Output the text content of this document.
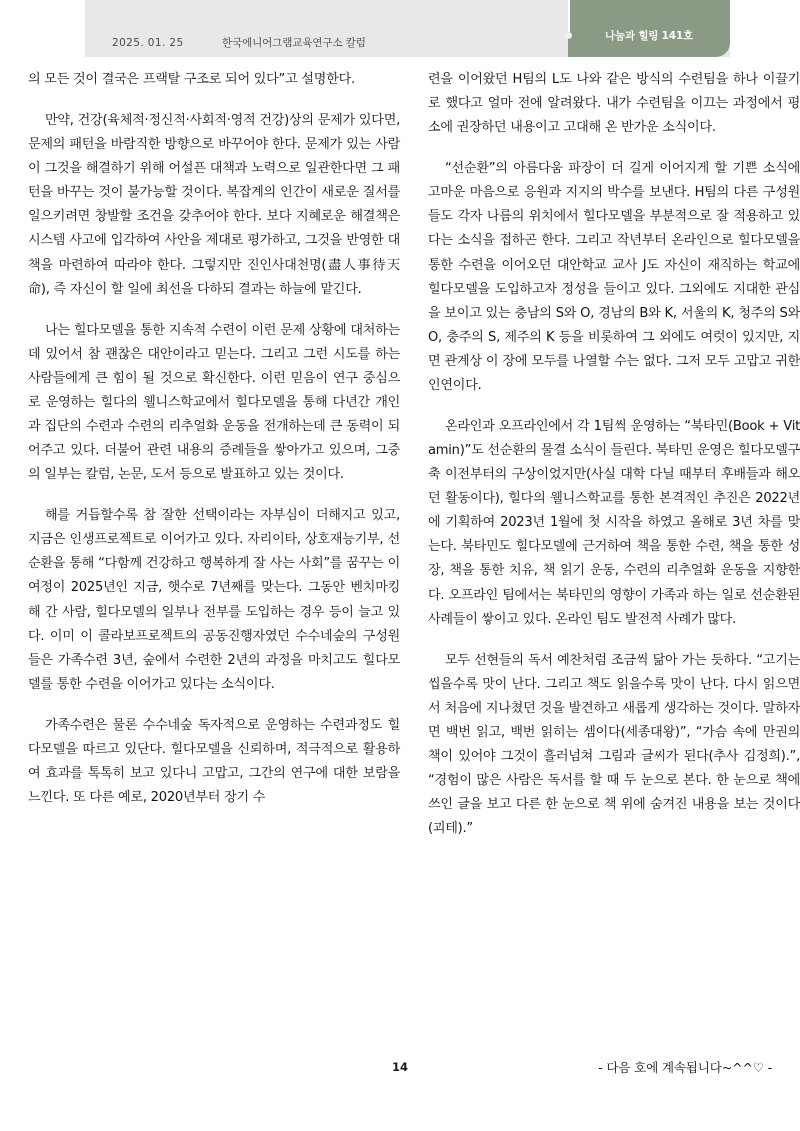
2025. 01. 25	한국에니어그램교육연구소 칼럼
나눔과 힐링 141호

의 모든 것이 결국은 프랙탈 구조로 되어 있다”고 설명한다.

만약, 건강(육체적·정신적·사회적·영적 건강)상의 문제가 있다면, 문제의 패턴을 바람직한 방향으로 바꾸어야 한다. 문제가 있는 사람이 그것을 해결하기 위해 어설픈 대책과 노력으로 일관한다면 그 패턴을 바꾸는 것이 불가능할 것이다. 복잡계의 인간이 새로운 질서를 일으키려면 창발할 조건을 갖추어야 한다. 보다 지혜로운 해결책은 시스템 사고에 입각하여 사안을 제대로 평가하고, 그것을 반영한 대책을 마련하여 따라야 한다. 그렇지만 진인사대천명(盡人事待天命), 즉 자신이 할 일에 최선을 다하되 결과는 하늘에 맡긴다.

나는 힐다모델을 통한 지속적 수련이 이런 문제 상황에 대처하는 데 있어서 참 괜찮은 대안이라고 믿는다. 그리고 그런 시도를 하는 사람들에게 큰 힘이 될 것으로 확신한다. 이런 믿음이 연구 중심으로 운영하는 힐다의 웰니스학교에서 힐다모델을 통해 다년간 개인과 집단의 수련과 수련의 리추얼화 운동을 전개하는데 큰 동력이 되어주고 있다. 더불어 관련 내용의 증례들을 쌓아가고 있으며, 그중의 일부는 칼럼, 논문, 도서 등으로 발표하고 있는 것이다.

해를 거듭할수록 참 잘한 선택이라는 자부심이 더해지고 있고, 지금은 인생프로젝트로 이어가고 있다. 자리이타, 상호재능기부, 선순환을 통해 “다함께 건강하고 행복하게 잘 사는 사회”를 꿈꾸는 이 여정이 2025년인 지금, 햇수로 7년째를 맞는다. 그동안 벤치마킹해 간 사람, 힐다모델의 일부나 전부를 도입하는 경우 등이 늘고 있다. 이미 이 콜라보프로젝트의 공동진행자였던 수수네숲의 구성원들은 가족수련 3년, 숲에서 수련한 2년의 과정을 마치고도 힐다모델를 통한 수련을 이어가고 있다는 소식이다.

가족수련은 물론 수수네숲 독자적으로 운영하는 수련과정도 힐다모델을 따르고 있단다. 힐다모델을 신뢰하며, 적극적으로 활용하여 효과를 톡톡히 보고 있다니 고맙고, 그간의 연구에 대한 보람을 느낀다. 또 다른 예로, 2020년부터 장기 수

련을 이어왔던 H팀의 L도 나와 같은 방식의 수련팀을 하나 이끌기로 했다고 얼마 전에 알려왔다. 내가 수련팀을 이끄는 과정에서 평소에 권장하던 내용이고 고대해 온 반가운 소식이다.

“선순환”의 아름다움 파장이 더 길게 이어지게 할 기쁜 소식에 고마운 마음으로 응원과 지지의 박수를 보낸다. H팀의 다른 구성원들도 각자 나름의 위치에서 힐다모델을 부분적으로 잘 적용하고 있다는 소식을 접하곤 한다. 그리고 작년부터 온라인으로 힐다모델을 통한 수련을 이어오던 대안학교 교사 J도 자신이 재직하는 학교에 힐다모델을 도입하고자 정성을 들이고 있다. 그외에도 지대한 관심을 보이고 있는 충남의 S와 O, 경남의 B와 K, 서울의 K, 청주의 S와 O, 충주의 S, 제주의 K 등을 비롯하여 그 외에도 여럿이 있지만, 지면 관계상 이 장에 모두를 나열할 수는 없다. 그저 모두 고맙고 귀한 인연이다.

온라인과 오프라인에서 각 1팀씩 운영하는 “북타민(Book + Vitamin)”도 선순환의 물결 소식이 들린다. 북타민 운영은 힐다모델구축 이전부터의 구상이었지만(사실 대학 다닐 때부터 후배들과 해오던 활동이다), 힐다의 웰니스학교를 통한 본격적인 추진은 2022년에 기획하여 2023년 1월에 첫 시작을 하였고 올해로 3년 차를 맞는다. 북타민도 힐다모델에 근거하여 책을 통한 수련, 책을 통한 성장, 책을 통한 치유, 책 읽기 운동, 수련의 리추얼화 운동을 지향한다. 오프라인 팀에서는 북타민의 영향이 가족과 하는 일로 선순환된 사례들이 쌓이고 있다. 온라인 팀도 발전적 사례가 많다.

모두 선현들의 독서 예찬처럼 조금씩 닮아 가는 듯하다. “고기는 씹을수록 맛이 난다. 그리고 책도 읽을수록 맛이 난다. 다시 읽으면서 처음에 지나쳤던 것을 발견하고 새롭게 생각하는 것이다. 말하자면 백번 읽고, 백번 읽히는 셈이다(세종대왕)”, “가슴 속에 만권의 책이 있어야 그것이 흘러넘쳐 그림과 글씨가 된다(추사 김정희).”, “경험이 많은 사람은 독서를 할 때 두 눈으로 본다. 한 눈으로 책에 쓰인 글을 보고 다른 한 눈으로 책 위에 숨겨진 내용을 보는 것이다(괴테).”

14	- 다음 호에 계속됩니다~^^♡ -
